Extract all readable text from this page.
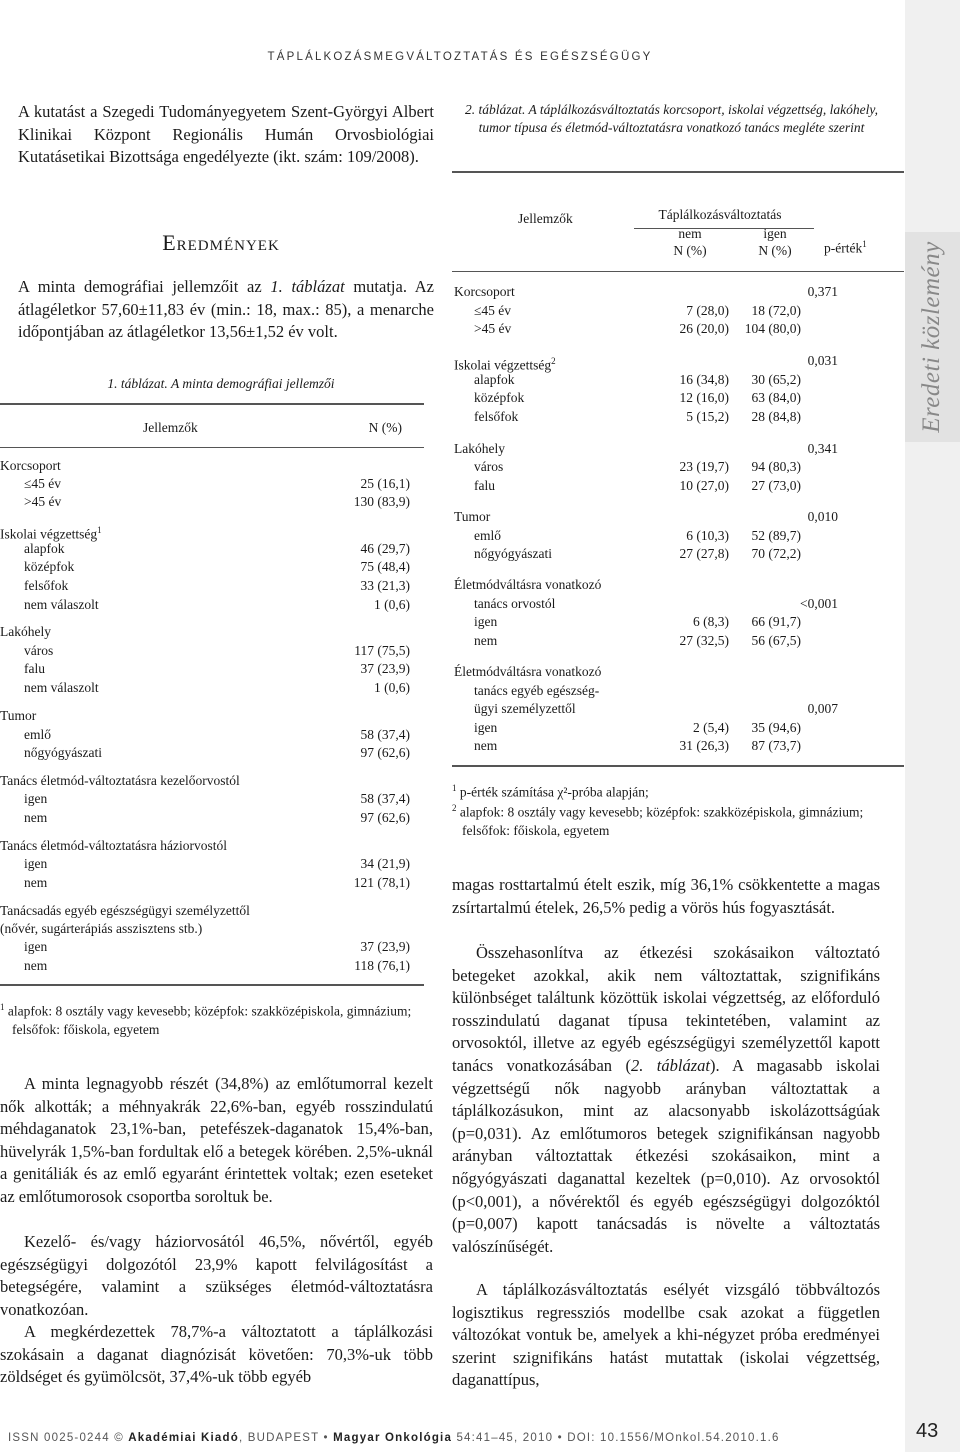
TÁPLÁLKOZÁSMEGVÁLTOZTATÁS ÉS EGÉSZSÉGÜGY
Eredeti közlemény

A kutatást a Szegedi Tudományegyetem Szent-Györgyi Albert Klinikai Központ Regionális Humán Orvosbiológiai Kutatásetikai Bizottsága engedélyezte (ikt. szám: 109/2008).

Eredmények

A minta demográfiai jellemzőit az 1. táblázat mutatja. Az átlagéletkor 57,60±11,83 év (min.: 18, max.: 85), a menarche időpontjában az átlagéletkor 13,56±1,52 év volt.

1. táblázat. A minta demográfiai jellemzői
Jellemzők	N (%)
Korcsoport
≤45 év	25 (16,1)
>45 év	130 (83,9)
Iskolai végzettség$^1$
alapfok	46 (29,7)
középfok	75 (48,4)
felsőfok	33 (21,3)
nem válaszolt	1 (0,6)
Lakóhely
város	117 (75,5)
falu	37 (23,9)
nem válaszolt	1 (0,6)
Tumor
emlő	58 (37,4)
nőgyógyászati	97 (62,6)
Tanács életmód-változtatásra kezelőorvostól
igen	58 (37,4)
nem	97 (62,6)
Tanács életmód-változtatásra háziorvostól
igen	34 (21,9)
nem	121 (78,1)
Tanácsadás egyéb egészségügyi személyzettől
(nővér, sugárterápiás asszisztens stb.)
igen	37 (23,9)
nem	118 (76,1)
$^1$ alapfok: 8 osztály vagy kevesebb; középfok: szakközépiskola, gimnázium; felsőfok: főiskola, egyetem

A minta legnagyobb részét (34,8%) az emlőtumorral kezelt nők alkották; a méhnyakrák 22,6%-ban, egyéb rosszindulatú méhdaganatok 23,1%-ban, petefészek-daganatok 15,4%-ban, hüvelyrák 1,5%-ban fordultak elő a betegek körében. 2,5%-uknál a genitáliák és az emlő egyaránt érintettek voltak; ezen eseteket az emlőtumorosok csoportba soroltuk be.

Kezelő- és/vagy háziorvosától 46,5%, nővértől, egyéb egészségügyi dolgozótól 23,9% kapott felvilágosítást a betegségére, valamint a szükséges életmód-változtatásra vonatkozóan.

A megkérdezettek 78,7%-a változtatott a táplálkozási szokásain a daganat diagnózisát követően: 70,3%-uk több zöldséget és gyümölcsöt, 37,4%-uk több egyéb

2. táblázat. A táplálkozásváltoztatás korcsoport, iskolai végzettség, lakóhely, tumor típusa és életmód-változtatásra vonatkozó tanács megléte szerint
Táplálkozásváltoztatás
Jellemzők
nem
N (%)
igen
N (%)	p-érték$^1$
Korcsoport	0,371
≤45 év	7 (28,0)	18 (72,0)
>45 év	26 (20,0)	104 (80,0)
Iskolai végzettség$^2$	0,031
alapfok	16 (34,8)	30 (65,2)
középfok	12 (16,0)	63 (84,0)
felsőfok	5 (15,2)	28 (84,8)
Lakóhely	0,341
város	23 (19,7)	94 (80,3)
falu	10 (27,0)	27 (73,0)
Tumor	0,010
emlő	6 (10,3)	52 (89,7)
nőgyógyászati	27 (27,8)	70 (72,2)
Életmódváltásra vonatkozó
tanács orvostól	<0,001
igen	6 (8,3)	66 (91,7)
nem	27 (32,5)	56 (67,5)
Életmódváltásra vonatkozó
tanács egyéb egészség-
ügyi személyzettől	0,007
igen	2 (5,4)	35 (94,6)
nem	31 (26,3)	87 (73,7)
$^1$ p-érték számítása χ²-próba alapján;
$^2$ alapfok: 8 osztály vagy kevesebb; középfok: szakközépiskola, gimnázium; felsőfok: főiskola, egyetem

magas rosttartalmú ételt eszik, míg 36,1% csökkentette a magas zsírtartalmú ételek, 26,5% pedig a vörös hús fogyasztását.

Összehasonlítva az étkezési szokásaikon változtató betegeket azokkal, akik nem változtattak, szignifikáns különbséget találtunk közöttük iskolai végzettség, az előforduló rosszindulatú daganat típusa tekintetében, valamint az orvosoktól, illetve az egyéb egészségügyi személyzettől kapott tanács vonatkozásában (2. táblázat). A magasabb iskolai végzettségű nők nagyobb arányban változtattak a táplálkozásukon, mint az alacsonyabb iskolázottságúak (p=0,031). Az emlőtumoros betegek szignifikánsan nagyobb arányban változtattak étkezési szokásaikon, mint a nőgyógyászati daganattal kezeltek (p=0,010). Az orvosoktól (p<0,001), a nővérektől és egyéb egészségügyi dolgozóktól (p=0,007) kapott tanácsadás is növelte a változtatás valószínűségét.

A táplálkozásváltoztatás esélyét vizsgáló többváltozós logisztikus regressziós modellbe csak azokat a független változókat vontuk be, amelyek a khi-négyzet próba eredményei szerint szignifikáns hatást mutattak (iskolai végzettség, daganattípus,

ISSN 0025-0244 © Akadémiai Kiadó, BUDAPEST • Magyar Onkológia 54:41–45, 2010 • DOI: 10.1556/MOnkol.54.2010.1.6	43
